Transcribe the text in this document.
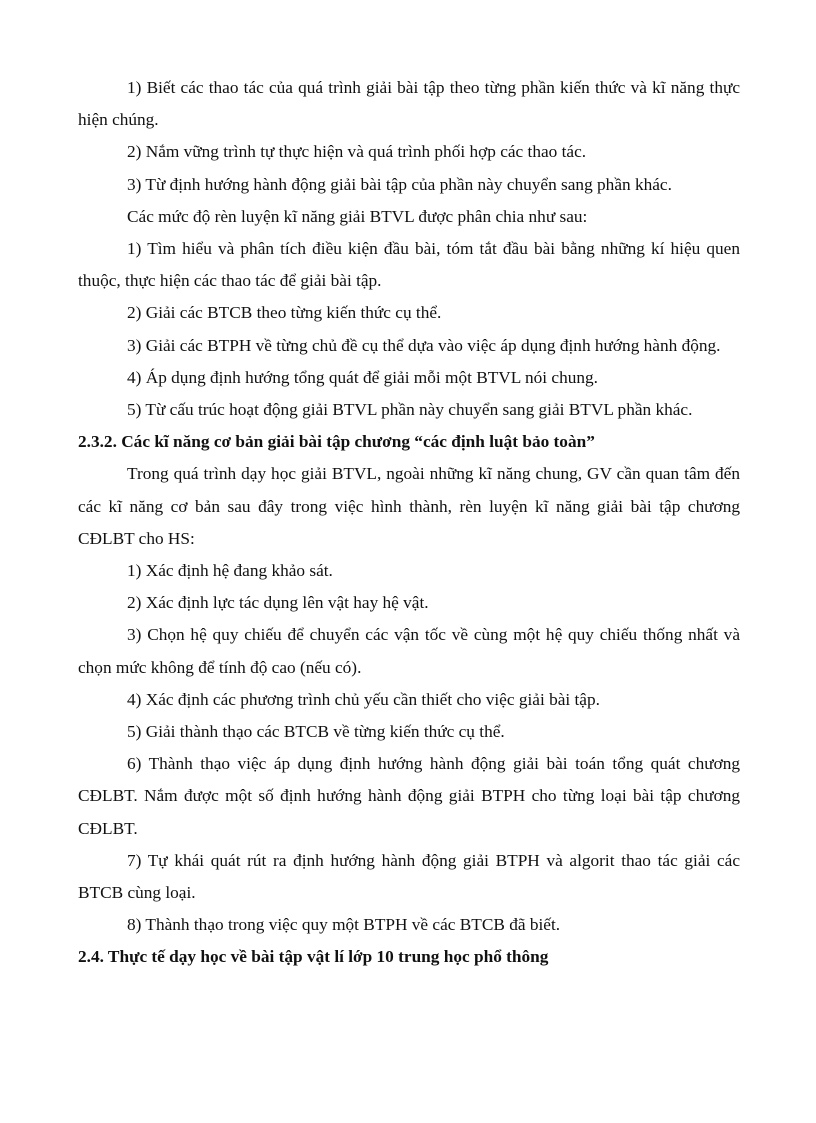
1) Biết các thao tác của quá trình giải bài tập theo từng phần kiến thức và kĩ năng thực hiện chúng.

2) Nắm vững trình tự thực hiện và quá trình phối hợp các thao tác.

3) Từ định hướng hành động giải bài tập của phần này chuyển sang phần khác.

Các mức độ rèn luyện kĩ năng giải BTVL được phân chia như sau:

1) Tìm hiểu và phân tích điều kiện đầu bài, tóm tắt đầu bài bằng những kí hiệu quen thuộc, thực hiện các thao tác để giải bài tập.

2) Giải các BTCB theo từng kiến thức cụ thể.

3) Giải các BTPH về từng chủ đề cụ thể dựa vào việc áp dụng định hướng hành động.

4) Áp dụng định hướng tổng quát để giải mỗi một BTVL nói chung.

5) Từ cấu trúc hoạt động giải BTVL phần này chuyển sang giải BTVL phần khác.

2.3.2. Các kĩ năng cơ bản giải bài tập chương “các định luật bảo toàn”

Trong quá trình dạy học giải BTVL, ngoài những kĩ năng chung, GV cần quan tâm đến các kĩ năng cơ bản sau đây trong việc hình thành, rèn luyện kĩ năng giải bài tập chương CĐLBT cho HS:

1) Xác định hệ đang khảo sát.

2) Xác định lực tác dụng lên vật hay hệ vật.

3) Chọn hệ quy chiếu để chuyển các vận tốc về cùng một hệ quy chiếu thống nhất và chọn mức không để tính độ cao (nếu có).

4) Xác định các phương trình chủ yếu cần thiết cho việc giải bài tập.

5) Giải thành thạo các BTCB về từng kiến thức cụ thể.

6) Thành thạo việc áp dụng định hướng hành động giải bài toán tổng quát chương CĐLBT. Nắm được một số định hướng hành động giải BTPH cho từng loại bài tập chương CĐLBT.

7) Tự khái quát rút ra định hướng hành động giải BTPH và algorit thao tác giải các BTCB cùng loại.

8) Thành thạo trong việc quy một BTPH về các BTCB đã biết.

2.4. Thực tế dạy học về bài tập vật lí lớp 10 trung học phổ thông
